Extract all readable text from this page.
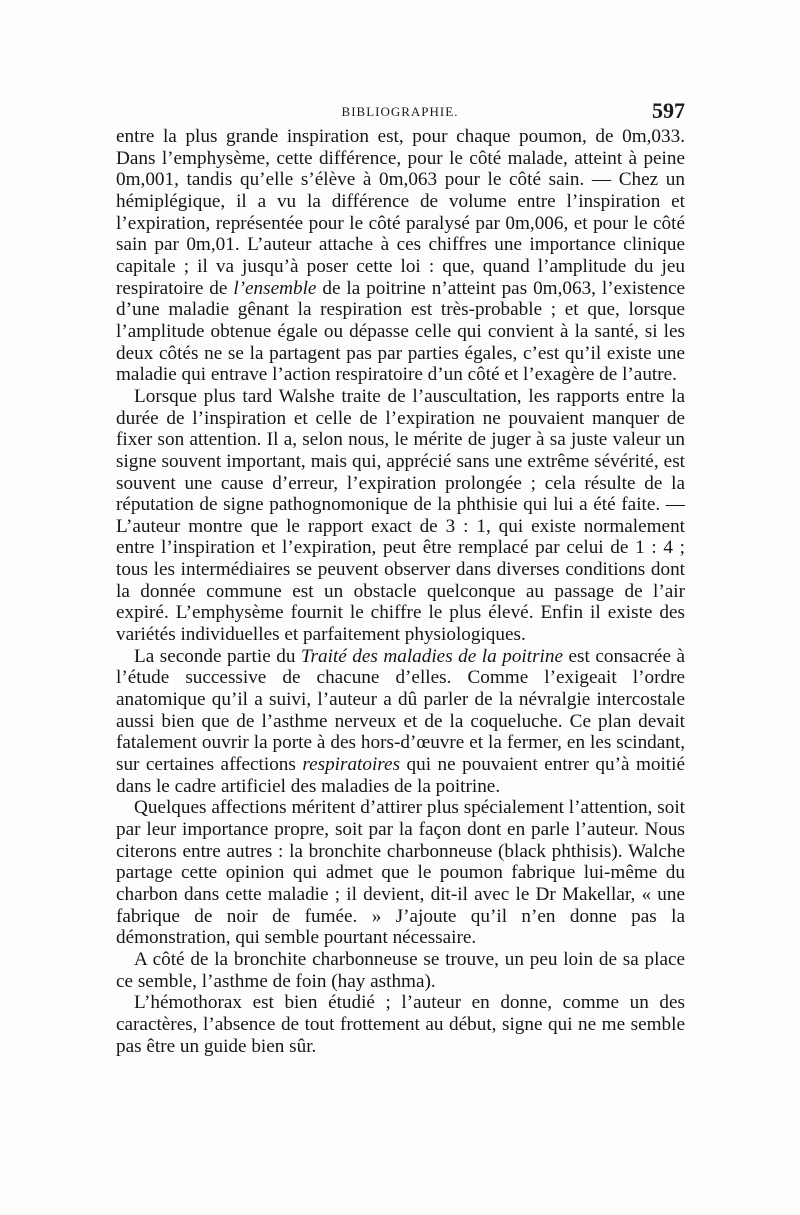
BIBLIOGRAPHIE.	597

entre la plus grande inspiration est, pour chaque poumon, de 0m,033. Dans l’emphysème, cette différence, pour le côté malade, atteint à peine 0m,001, tandis qu’elle s’élève à 0m,063 pour le côté sain. — Chez un hémiplégique, il a vu la différence de volume entre l’inspiration et l’expiration, représentée pour le côté paralysé par 0m,006, et pour le côté sain par 0m,01. L’auteur attache à ces chiffres une importance clinique capitale ; il va jusqu’à poser cette loi : que, quand l’amplitude du jeu respiratoire de l’ensemble de la poitrine n’atteint pas 0m,063, l’existence d’une maladie gênant la respiration est très-probable ; et que, lorsque l’amplitude obtenue égale ou dépasse celle qui convient à la santé, si les deux côtés ne se la partagent pas par parties égales, c’est qu’il existe une maladie qui entrave l’action respiratoire d’un côté et l’exagère de l’autre.

Lorsque plus tard Walshe traite de l’auscultation, les rapports entre la durée de l’inspiration et celle de l’expiration ne pouvaient manquer de fixer son attention. Il a, selon nous, le mérite de juger à sa juste valeur un signe souvent important, mais qui, apprécié sans une extrême sévérité, est souvent une cause d’erreur, l’expiration prolongée ; cela résulte de la réputation de signe pathognomonique de la phthisie qui lui a été faite. — L’auteur montre que le rapport exact de 3 : 1, qui existe normalement entre l’inspiration et l’expiration, peut être remplacé par celui de 1 : 4 ; tous les intermédiaires se peuvent observer dans diverses conditions dont la donnée commune est un obstacle quelconque au passage de l’air expiré. L’emphysème fournit le chiffre le plus élevé. Enfin il existe des variétés individuelles et parfaitement physiologiques.

La seconde partie du Traité des maladies de la poitrine est consacrée à l’étude successive de chacune d’elles. Comme l’exigeait l’ordre anatomique qu’il a suivi, l’auteur a dû parler de la névralgie intercostale aussi bien que de l’asthme nerveux et de la coqueluche. Ce plan devait fatalement ouvrir la porte à des hors-d’œuvre et la fermer, en les scindant, sur certaines affections respiratoires qui ne pouvaient entrer qu’à moitié dans le cadre artificiel des maladies de la poitrine.

Quelques affections méritent d’attirer plus spécialement l’attention, soit par leur importance propre, soit par la façon dont en parle l’auteur. Nous citerons entre autres : la bronchite charbonneuse (black phthisis). Walche partage cette opinion qui admet que le poumon fabrique lui-même du charbon dans cette maladie ; il devient, dit-il avec le Dr Makellar, « une fabrique de noir de fumée. » J’ajoute qu’il n’en donne pas la démonstration, qui semble pourtant nécessaire.

A côté de la bronchite charbonneuse se trouve, un peu loin de sa place ce semble, l’asthme de foin (hay asthma).

L’hémothorax est bien étudié ; l’auteur en donne, comme un des caractères, l’absence de tout frottement au début, signe qui ne me semble pas être un guide bien sûr.
